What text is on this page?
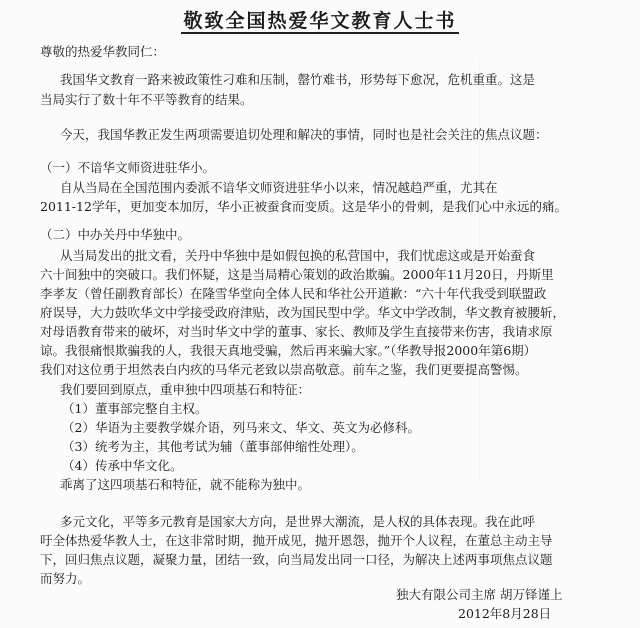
敬致全国热爱华文教育人士书
尊敬的热爱华教同仁：
我国华文教育一路来被政策性刁难和压制，罄竹难书，形势每下愈况，危机重重。这是
当局实行了数十年不平等教育的结果。
今天，我国华教正发生两项需要追切处理和解决的事情，同时也是社会关注的焦点议题：
（一）不谙华文师资进驻华小。
自从当局在全国范围内委派不谙华文师资进驻华小以来，情况越趋严重，尤其在
2011-12学年，更加变本加厉，华小正被蚕食而变质。这是华小的骨刺，是我们心中永远的痛。
（二）中办关丹中华独中。
从当局发出的批文看，关丹中华独中是如假包换的私营国中，我们忧虑这或是开始蚕食
六十间独中的突破口。我们怀疑，这是当局精心策划的政治欺骗。2000年11月20日，丹斯里
李孝友（曾任副教育部长）在隆雪华堂向全体人民和华社公开道歉：“六十年代我受到联盟政
府误导，大力鼓吹华文中学接受政府津贴，改为国民型中学。华文中学改制，华文教育被腰斩，
对母语教育带来的破坏，对当时华文中学的董事、家长、教师及学生直接带来伤害，我请求原
谅。我很痛恨欺骗我的人，我很天真地受骗，然后再来骗大家。”（华教导报2000年第6期）
我们对这位勇于坦然表白内疚的马华元老致以崇高敬意。前车之鉴，我们更要提高警惕。
我们要回到原点，重申独中四项基石和特征：
（1）董事部完整自主权。
（2）华语为主要教学媒介语，列马来文、华文、英文为必修科。
（3）统考为主，其他考试为辅（董事部伸缩性处理）。
（4）传承中华文化。
乖离了这四项基石和特征，就不能称为独中。
多元文化，平等多元教育是国家大方向，是世界大潮流，是人权的具体表现。我在此呼
吁全体热爱华教人士，在这非常时期，抛开成见，抛开恩怨，抛开个人议程，在董总主动主导
下，回归焦点议题，凝聚力量，团结一致，向当局发出同一口径，为解决上述两事项焦点议题
而努力。
独大有限公司主席 胡万铎谨上
2012年8月28日
